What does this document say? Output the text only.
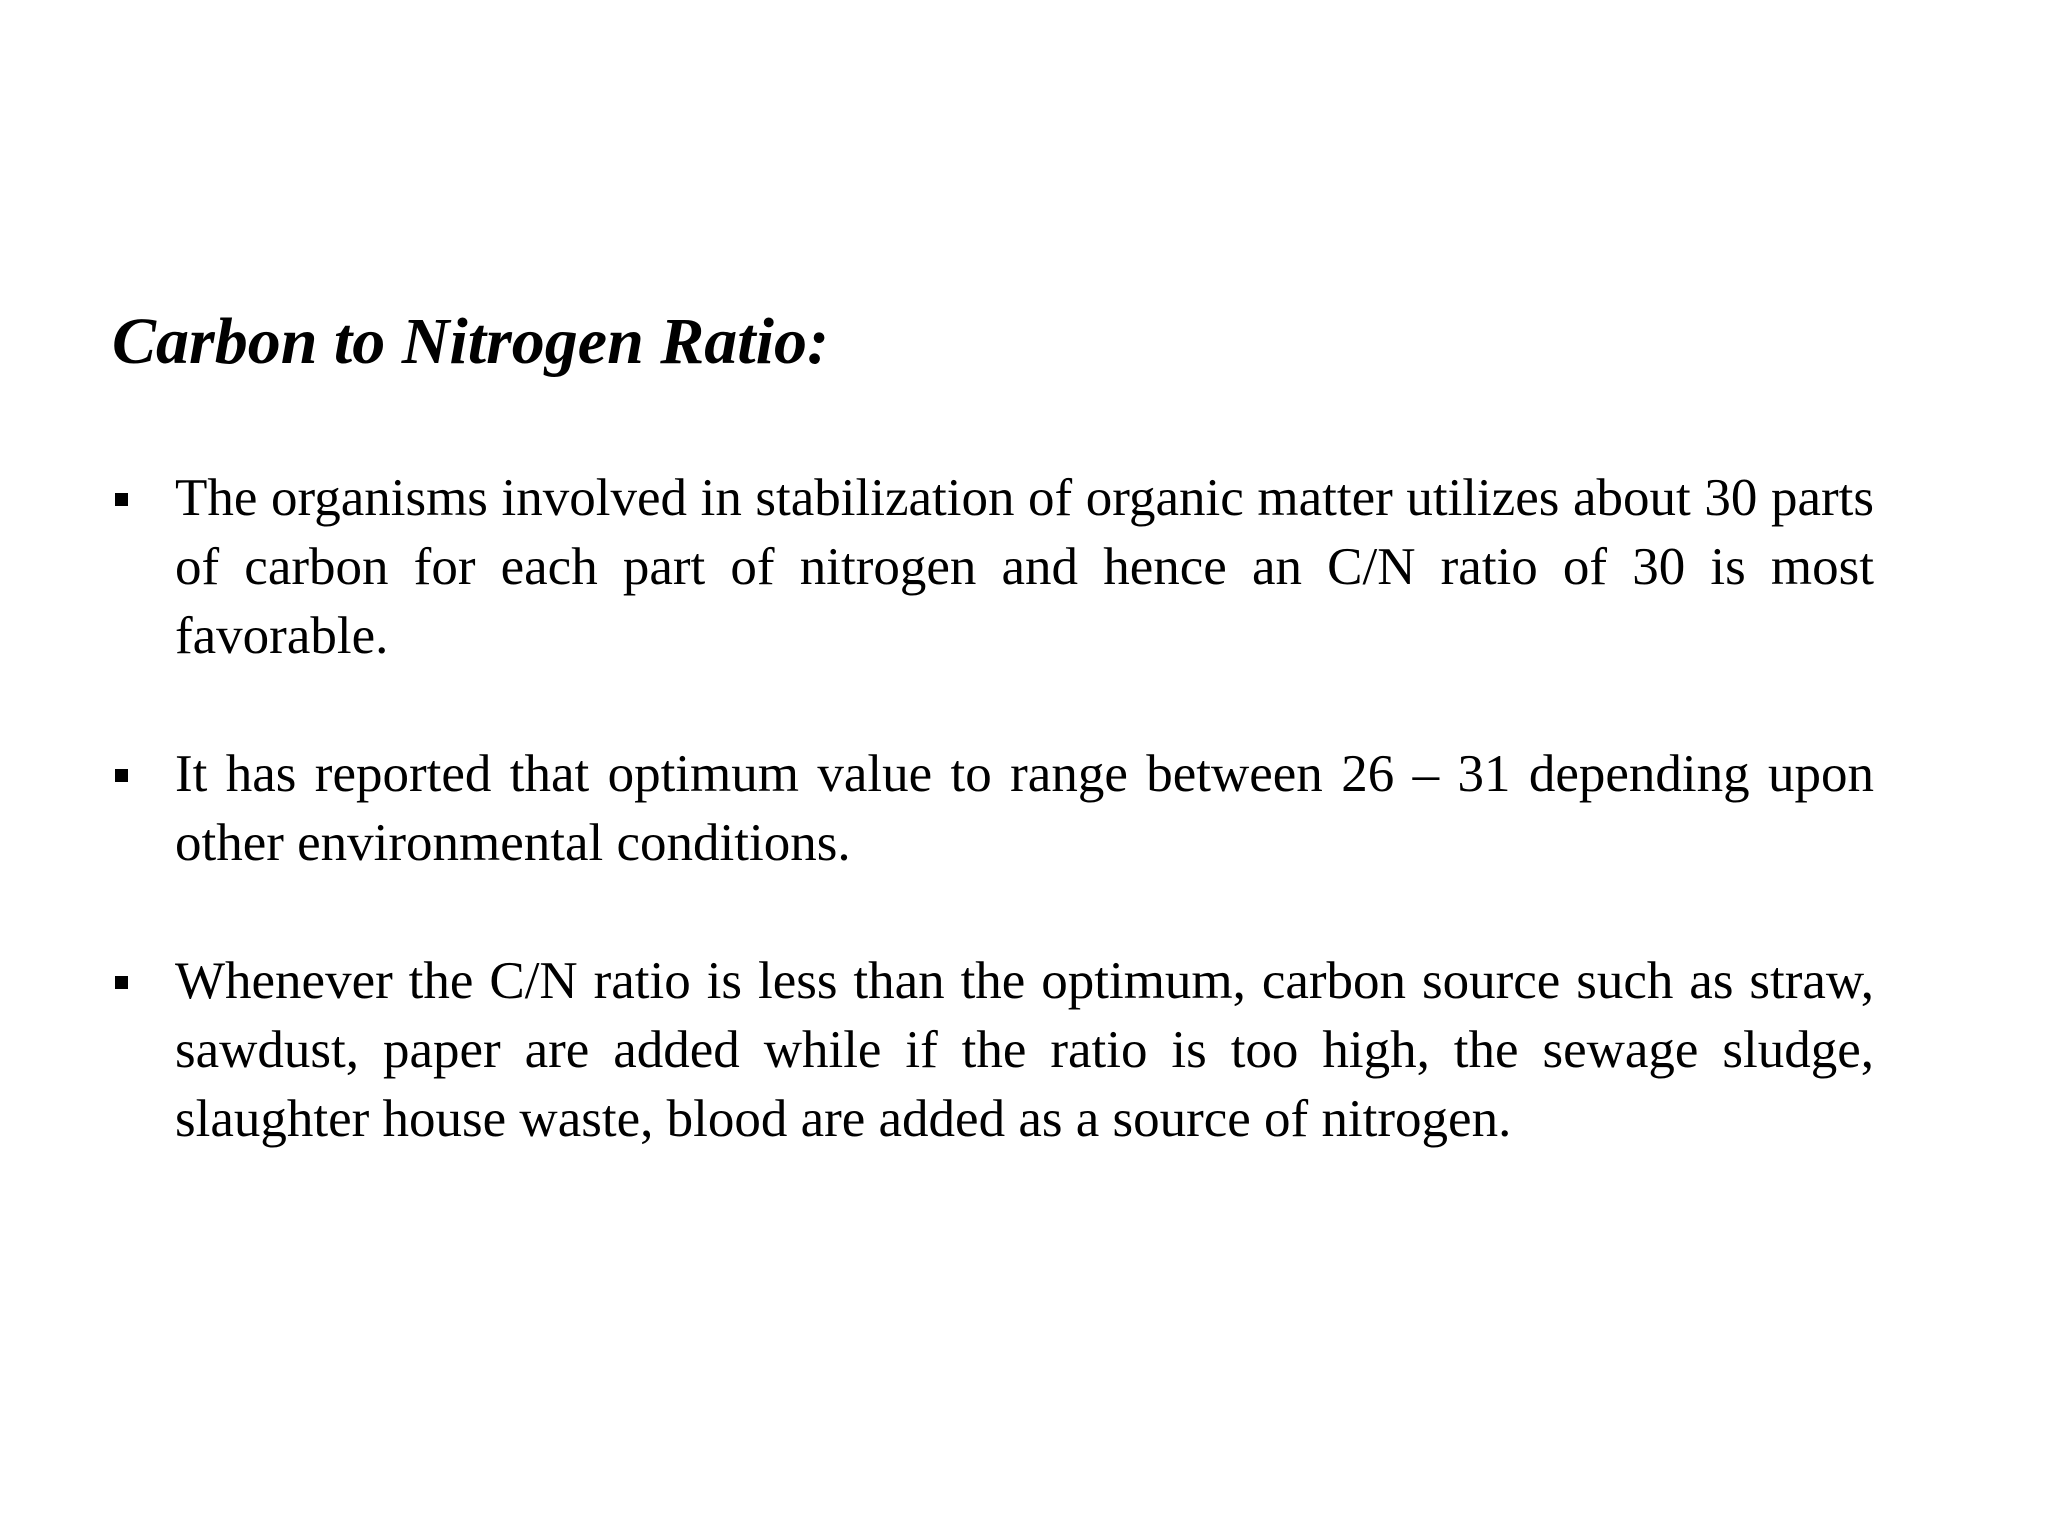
Carbon to Nitrogen Ratio:
The organisms involved in stabilization of organic matter utilizes about 30 parts of carbon for each part of nitrogen and hence an C/N ratio of 30 is most favorable.
It has reported that optimum value to range between 26 – 31 depending upon other environmental conditions.
Whenever the C/N ratio is less than the optimum, carbon source such as straw, sawdust, paper are added while if the ratio is too high, the sewage sludge, slaughter house waste, blood are added as a source of nitrogen.
